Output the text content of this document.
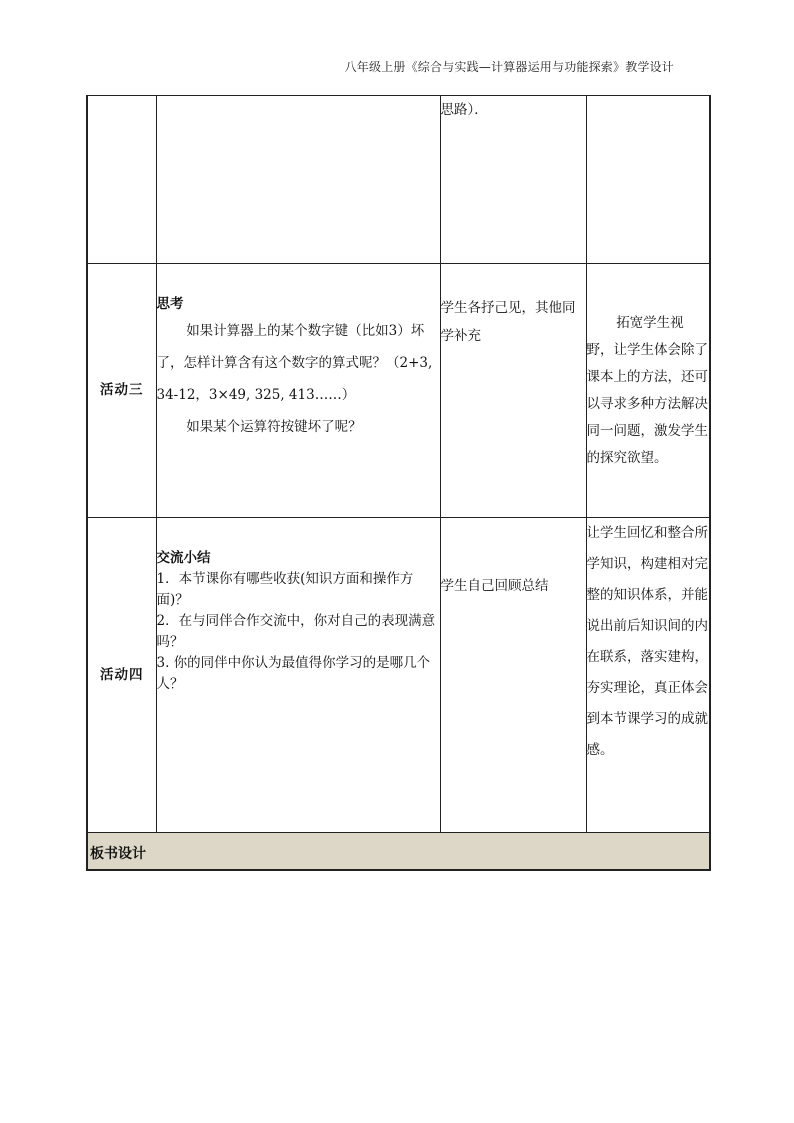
八年级上册《综合与实践—计算器运用与功能探索》教学设计

		思路）．	

活动三	思考
如果计算器上的某个数字键（比如3）坏了，怎样计算含有这个数字的算式呢？（2+3, 34-12，3×49, 325, 413……）
如果某个运算符按键坏了呢？	学生各抒己见，其他同学补充	拓宽学生视野，让学生体会除了课本上的方法，还可以寻求多种方法解决同一问题，激发学生的探究欲望。

活动四	交流小结
1．本节课你有哪些收获(知识方面和操作方面)？
2．在与同伴合作交流中，你对自己的表现满意吗？
3. 你的同伴中你认为最值得你学习的是哪几个人？	学生自己回顾总结	让学生回忆和整合所学知识，构建相对完整的知识体系，并能说出前后知识间的内在联系，落实建构，夯实理论，真正体会到本节课学习的成就感。
板书设计
